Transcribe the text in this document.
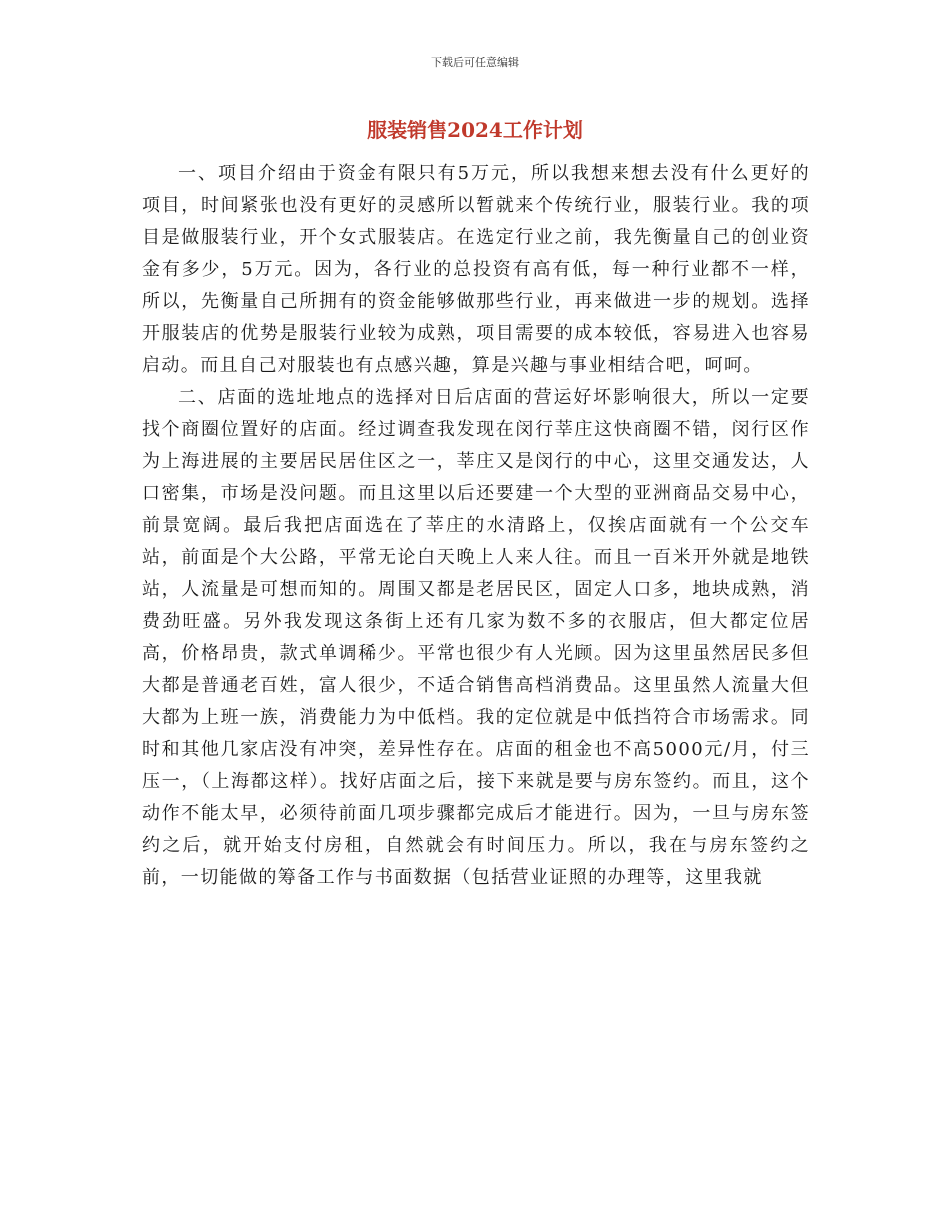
下载后可任意编辑
服装销售2024工作计划

一、项目介绍由于资金有限只有5万元，所以我想来想去没有什么更好的项目，时间紧张也没有更好的灵感所以暂就来个传统行业，服装行业。我的项目是做服装行业，开个女式服装店。在选定行业之前，我先衡量自己的创业资金有多少，5万元。因为，各行业的总投资有高有低，每一种行业都不一样，所以，先衡量自己所拥有的资金能够做那些行业，再来做进一步的规划。选择开服装店的优势是服装行业较为成熟，项目需要的成本较低，容易进入也容易启动。而且自己对服装也有点感兴趣，算是兴趣与事业相结合吧，呵呵。

二、店面的选址地点的选择对日后店面的营运好坏影响很大，所以一定要找个商圈位置好的店面。经过调查我发现在闵行莘庄这快商圈不错，闵行区作为上海进展的主要居民居住区之一，莘庄又是闵行的中心，这里交通发达，人口密集，市场是没问题。而且这里以后还要建一个大型的亚洲商品交易中心，前景宽阔。最后我把店面选在了莘庄的水清路上，仅挨店面就有一个公交车站，前面是个大公路，平常无论白天晚上人来人往。而且一百米开外就是地铁站，人流量是可想而知的。周围又都是老居民区，固定人口多，地块成熟，消费劲旺盛。另外我发现这条街上还有几家为数不多的衣服店，但大都定位居高，价格昂贵，款式单调稀少。平常也很少有人光顾。因为这里虽然居民多但大都是普通老百姓，富人很少，不适合销售高档消费品。这里虽然人流量大但大都为上班一族，消费能力为中低档。我的定位就是中低挡符合市场需求。同时和其他几家店没有冲突，差异性存在。店面的租金也不高5000元/月，付三压一，（上海都这样）。找好店面之后，接下来就是要与房东签约。而且，这个动作不能太早，必须待前面几项步骤都完成后才能进行。因为，一旦与房东签约之后，就开始支付房租，自然就会有时间压力。所以，我在与房东签约之前，一切能做的筹备工作与书面数据（包括营业证照的办理等，这里我就
